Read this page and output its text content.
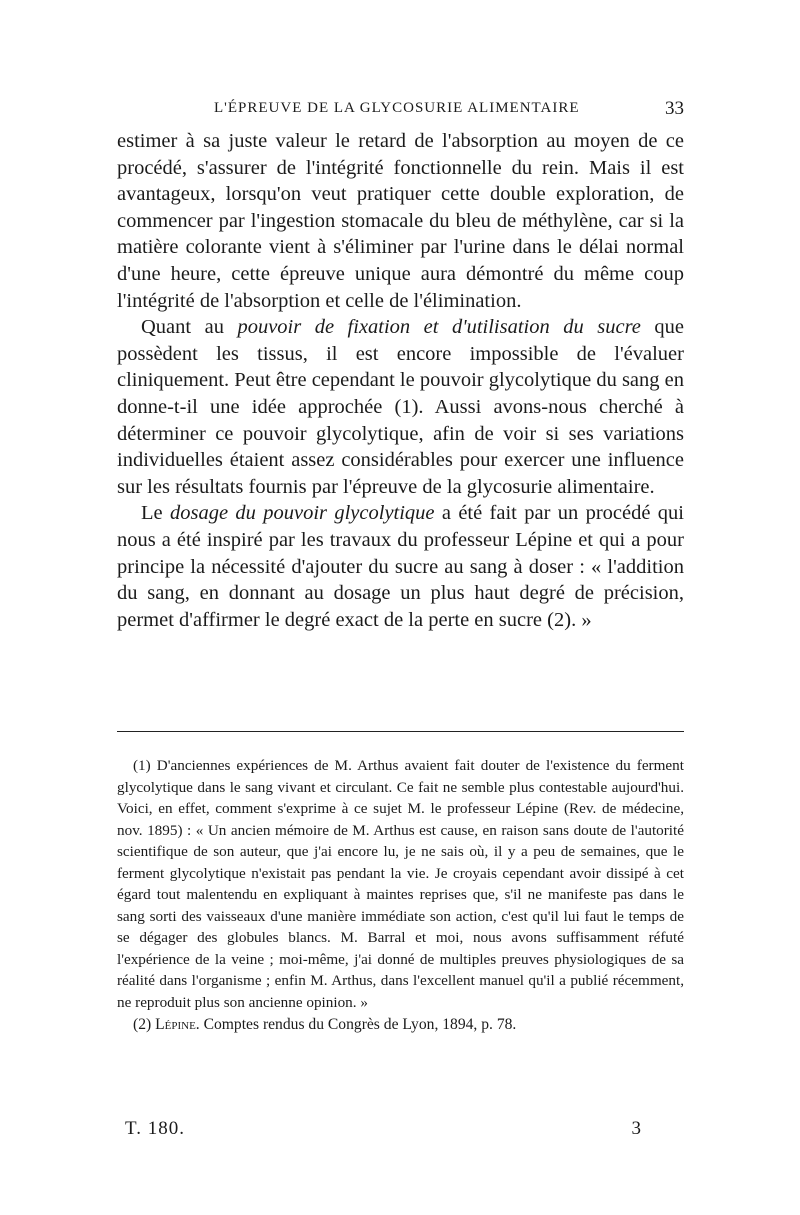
L'ÉPREUVE DE LA GLYCOSURIE ALIMENTAIRE	33

estimer à sa juste valeur le retard de l'absorption au moyen de ce procédé, s'assurer de l'intégrité fonctionnelle du rein. Mais il est avantageux, lorsqu'on veut pratiquer cette double exploration, de commencer par l'ingestion stomacale du bleu de méthylène, car si la matière colorante vient à s'éliminer par l'urine dans le délai normal d'une heure, cette épreuve unique aura démontré du même coup l'intégrité de l'absorption et celle de l'élimination.

Quant au pouvoir de fixation et d'utilisation du sucre que possèdent les tissus, il est encore impossible de l'évaluer cliniquement. Peut être cependant le pouvoir glycolytique du sang en donne-t-il une idée approchée (1). Aussi avons-nous cherché à déterminer ce pouvoir glycolytique, afin de voir si ses variations individuelles étaient assez considérables pour exercer une influence sur les résultats fournis par l'épreuve de la glycosurie alimentaire.

Le dosage du pouvoir glycolytique a été fait par un procédé qui nous a été inspiré par les travaux du professeur Lépine et qui a pour principe la nécessité d'ajouter du sucre au sang à doser : « l'addition du sang, en donnant au dosage un plus haut degré de précision, permet d'affirmer le degré exact de la perte en sucre (2). »

(1) D'anciennes expériences de M. Arthus avaient fait douter de l'existence du ferment glycolytique dans le sang vivant et circulant. Ce fait ne semble plus contestable aujourd'hui. Voici, en effet, comment s'exprime à ce sujet M. le professeur Lépine (Rev. de médecine, nov. 1895) : « Un ancien mémoire de M. Arthus est cause, en raison sans doute de l'autorité scientifique de son auteur, que j'ai encore lu, je ne sais où, il y a peu de semaines, que le ferment glycolytique n'existait pas pendant la vie. Je croyais cependant avoir dissipé à cet égard tout malentendu en expliquant à maintes reprises que, s'il ne manifeste pas dans le sang sorti des vaisseaux d'une manière immédiate son action, c'est qu'il lui faut le temps de se dégager des globules blancs. M. Barral et moi, nous avons suffisamment réfuté l'expérience de la veine ; moi-même, j'ai donné de multiples preuves physiologiques de sa réalité dans l'organisme ; enfin M. Arthus, dans l'excellent manuel qu'il a publié récemment, ne reproduit plus son ancienne opinion. »

(2) Lépine. Comptes rendus du Congrès de Lyon, 1894, p. 78.

T. 180.	3
